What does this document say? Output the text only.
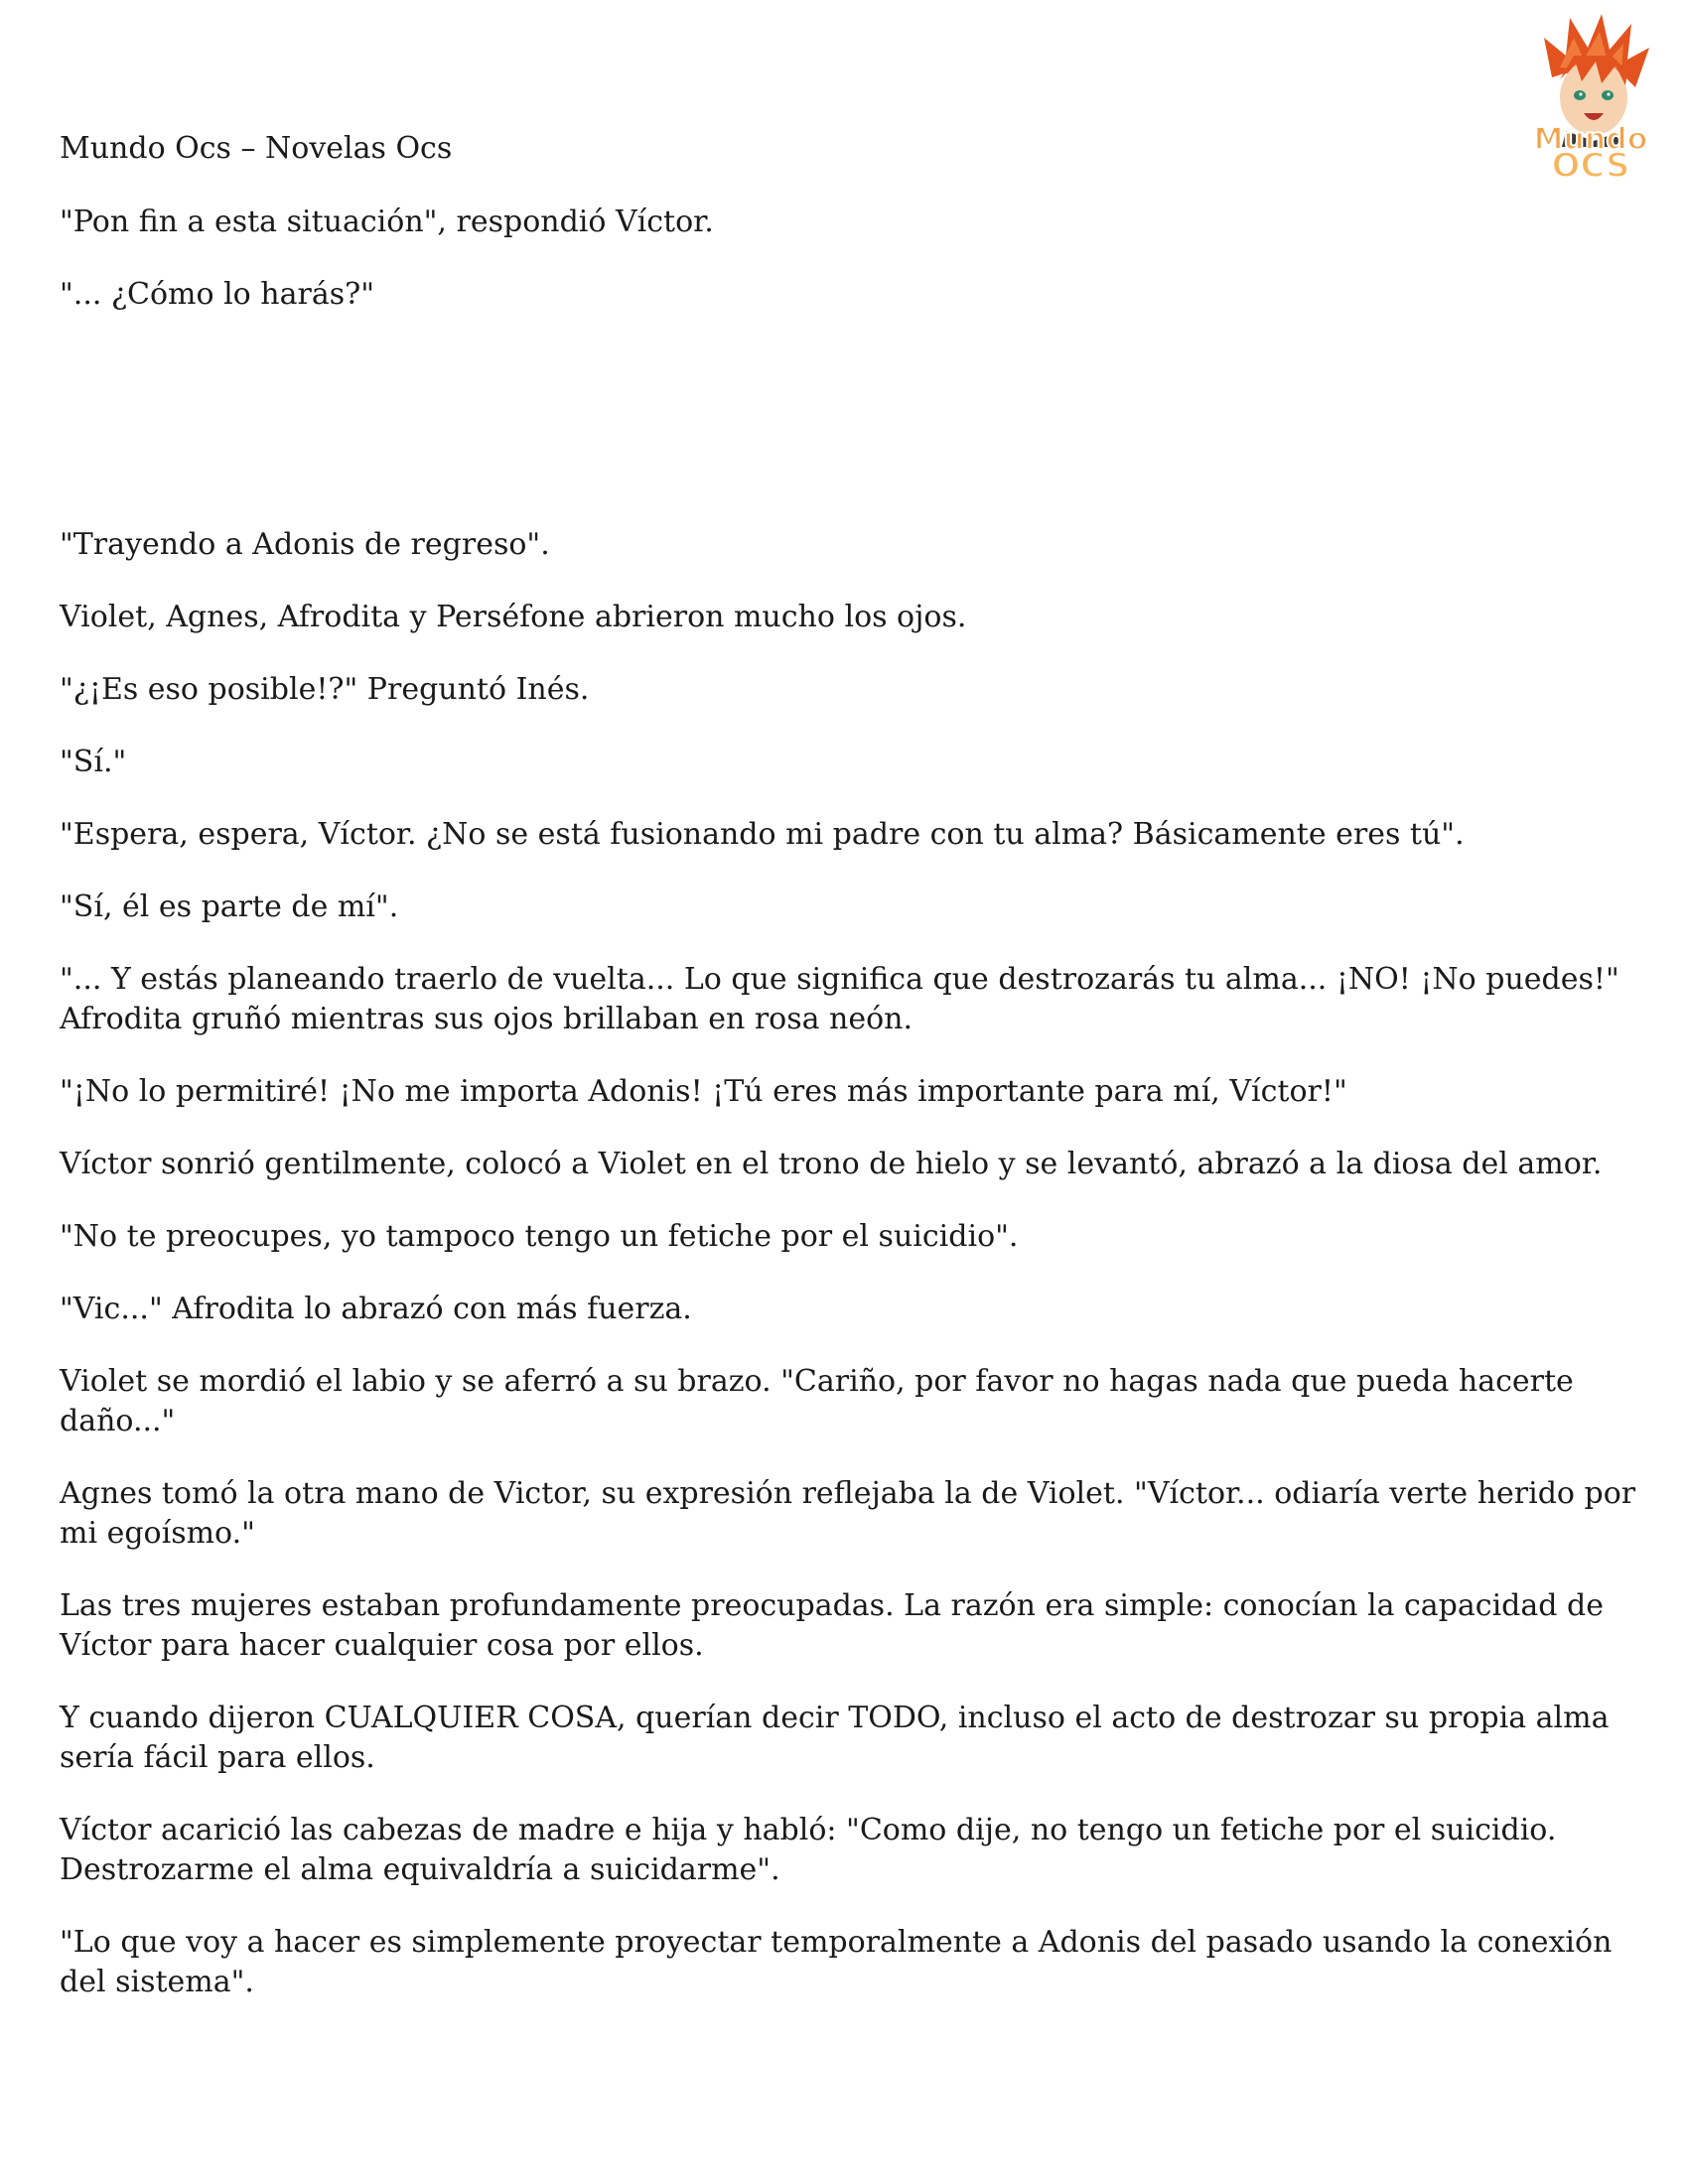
Mundo
OCS
Mundo Ocs – Novelas Ocs

"Pon fin a esta situación", respondió Víctor.

"... ¿Cómo lo harás?"

"Trayendo a Adonis de regreso".

Violet, Agnes, Afrodita y Perséfone abrieron mucho los ojos.

"¿¡Es eso posible!?" Preguntó Inés.

"Sí."

"Espera, espera, Víctor. ¿No se está fusionando mi padre con tu alma? Básicamente eres tú".

"Sí, él es parte de mí".

"... Y estás planeando traerlo de vuelta... Lo que significa que destrozarás tu alma... ¡NO! ¡No puedes!" Afrodita gruñó mientras sus ojos brillaban en rosa neón.

"¡No lo permitiré! ¡No me importa Adonis! ¡Tú eres más importante para mí, Víctor!"

Víctor sonrió gentilmente, colocó a Violet en el trono de hielo y se levantó, abrazó a la diosa del amor.

"No te preocupes, yo tampoco tengo un fetiche por el suicidio".

"Vic..." Afrodita lo abrazó con más fuerza.

Violet se mordió el labio y se aferró a su brazo. "Cariño, por favor no hagas nada que pueda hacerte daño..."

Agnes tomó la otra mano de Victor, su expresión reflejaba la de Violet. "Víctor... odiaría verte herido por mi egoísmo."

Las tres mujeres estaban profundamente preocupadas. La razón era simple: conocían la capacidad de Víctor para hacer cualquier cosa por ellos.

Y cuando dijeron CUALQUIER COSA, querían decir TODO, incluso el acto de destrozar su propia alma sería fácil para ellos.

Víctor acarició las cabezas de madre e hija y habló: "Como dije, no tengo un fetiche por el suicidio. Destrozarme el alma equivaldría a suicidarme".

"Lo que voy a hacer es simplemente proyectar temporalmente a Adonis del pasado usando la conexión del sistema".
